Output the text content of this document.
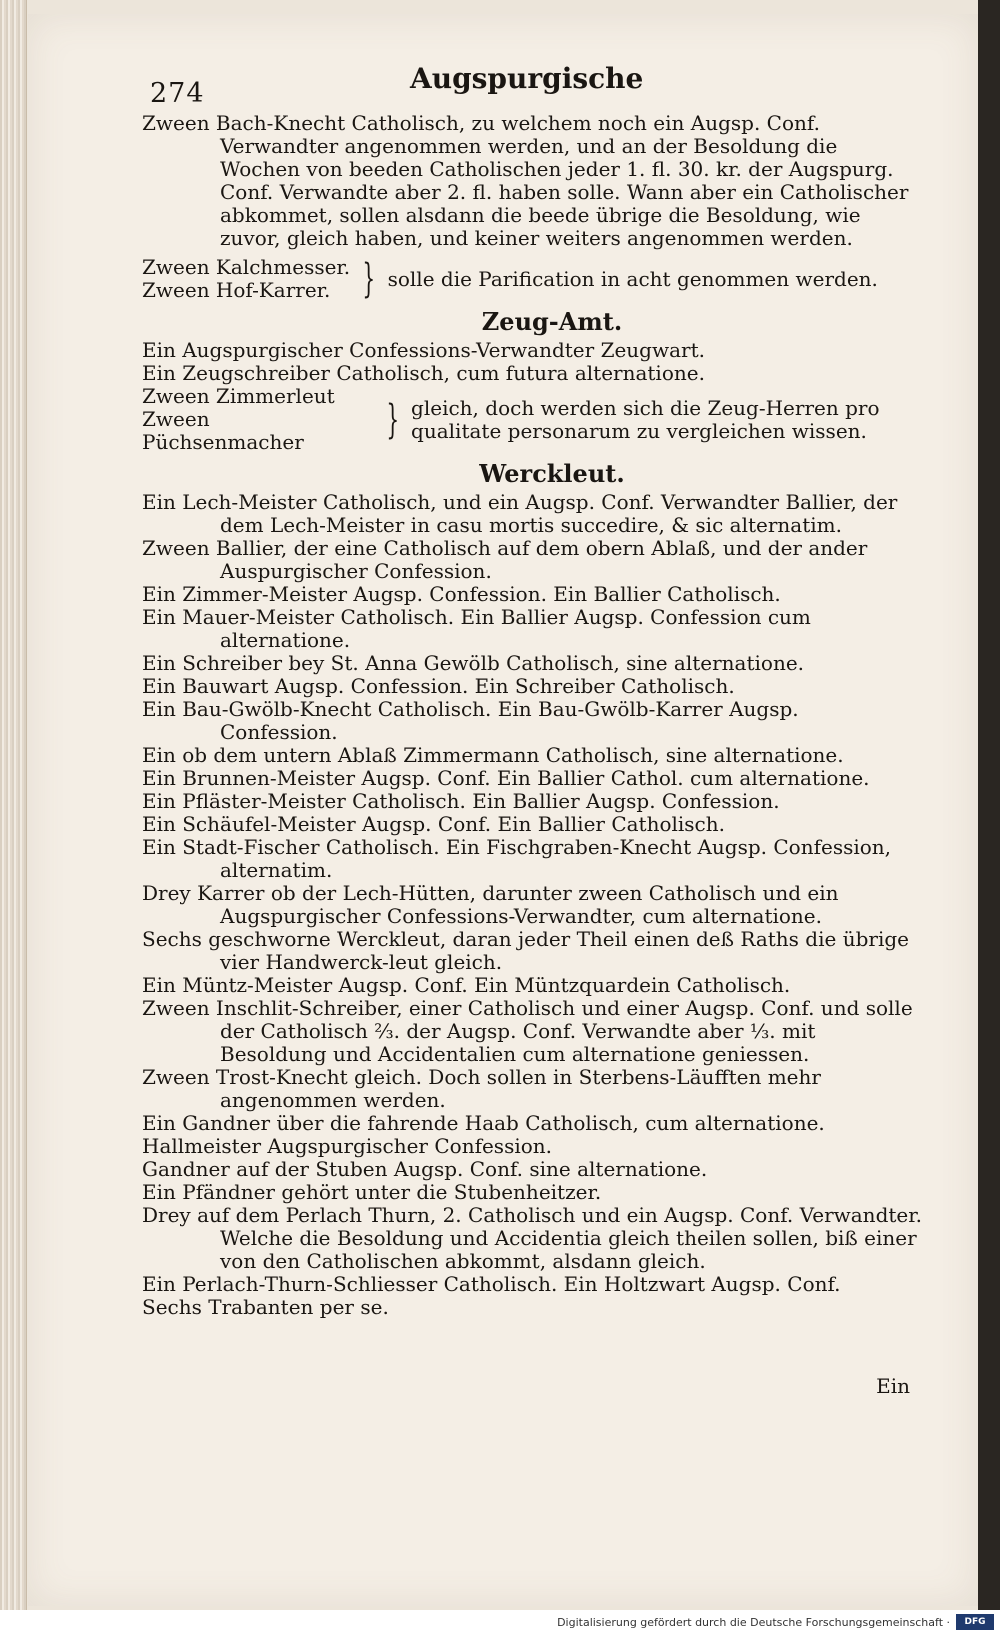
274	Augspurgische

Zween Bach-Knecht Catholisch, zu welchem noch ein Augsp. Conf. Verwandter angenommen werden, und an der Besoldung die Wochen von beeden Catholischen jeder 1. fl. 30. kr. der Augspurg. Conf. Verwandte aber 2. fl. haben solle. Wann aber ein Catholischer abkommet, sollen alsdann die beede übrige die Besoldung, wie zuvor, gleich haben, und keiner weiters angenommen werden.

Zween Kalchmesser.
Zween Hof-Karrer. } solle die Parification in acht genommen werden.
Zeug-Amt.

Ein Augspurgischer Confessions-Verwandter Zeugwart.

Ein Zeugschreiber Catholisch, cum futura alternatione.

Zween Zimmerleut
Zween Püchsenmacher	} gleich, doch werden sich die Zeug-Herren pro qualitate personarum zu vergleichen wissen.
Werckleut.

Ein Lech-Meister Catholisch, und ein Augsp. Conf. Verwandter Ballier, der dem Lech-Meister in casu mortis succedire, & sic alternatim.

Zween Ballier, der eine Catholisch auf dem obern Ablaß, und der ander Auspurgischer Confession.

Ein Zimmer-Meister Augsp. Confession. Ein Ballier Catholisch.

Ein Mauer-Meister Catholisch. Ein Ballier Augsp. Confession cum alternatione.

Ein Schreiber bey St. Anna Gewölb Catholisch, sine alternatione.

Ein Bauwart Augsp. Confession. Ein Schreiber Catholisch.

Ein Bau-Gwölb-Knecht Catholisch. Ein Bau-Gwölb-Karrer Augsp. Confession.

Ein ob dem untern Ablaß Zimmermann Catholisch, sine alternatione.

Ein Brunnen-Meister Augsp. Conf. Ein Ballier Cathol. cum alternatione.

Ein Pfläster-Meister Catholisch. Ein Ballier Augsp. Confession.

Ein Schäufel-Meister Augsp. Conf. Ein Ballier Catholisch.

Ein Stadt-Fischer Catholisch. Ein Fischgraben-Knecht Augsp. Confession, alternatim.

Drey Karrer ob der Lech-Hütten, darunter zween Catholisch und ein Augspurgischer Confessions-Verwandter, cum alternatione.

Sechs geschworne Werckleut, daran jeder Theil einen deß Raths die übrige vier Handwerck-leut gleich.

Ein Müntz-Meister Augsp. Conf. Ein Müntzquardein Catholisch.

Zween Inschlit-Schreiber, einer Catholisch und einer Augsp. Conf. und solle der Catholisch ⅔. der Augsp. Conf. Verwandte aber ⅓. mit Besoldung und Accidentalien cum alternatione geniessen.

Zween Trost-Knecht gleich. Doch sollen in Sterbens-Läufften mehr angenommen werden.

Ein Gandner über die fahrende Haab Catholisch, cum alternatione.

Hallmeister Augspurgischer Confession.

Gandner auf der Stuben Augsp. Conf. sine alternatione.

Ein Pfändner gehört unter die Stubenheitzer.

Drey auf dem Perlach Thurn, 2. Catholisch und ein Augsp. Conf. Verwandter. Welche die Besoldung und Accidentia gleich theilen sollen, biß einer von den Catholischen abkommt, alsdann gleich.

Ein Perlach-Thurn-Schliesser Catholisch. Ein Holtzwart Augsp. Conf.

Sechs Trabanten per se.

Ein
Digitalisierung gefördert durch die Deutsche Forschungsgemeinschaft ·	DFG
